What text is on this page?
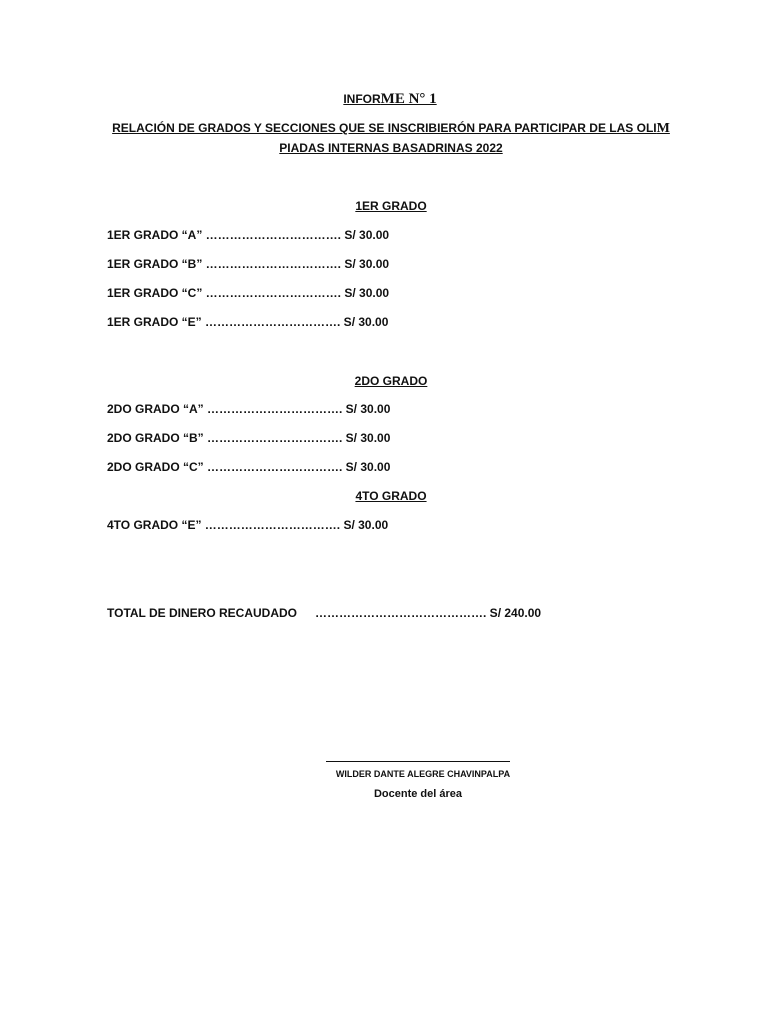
INFORME N° 1
RELACIÓN DE GRADOS Y SECCIONES QUE SE INSCRIBIERÓN PARA PARTICIPAR DE LAS OLIM
PIADAS INTERNAS BASADRINAS 2022
1ER GRADO
1ER GRADO “A” ……………………………. S/ 30.00
1ER GRADO “B” ……………………………. S/ 30.00
1ER GRADO “C” ……………………………. S/ 30.00
1ER GRADO “E” ……………………………. S/ 30.00
2DO GRADO
2DO GRADO “A” ……………………………. S/ 30.00
2DO GRADO “B” ……………………………. S/ 30.00
2DO GRADO “C” ……………………………. S/ 30.00
4TO GRADO
4TO GRADO “E” ……………………………. S/ 30.00
TOTAL DE DINERO RECAUDADO ……………………………………. S/ 240.00
WILDER DANTE ALEGRE CHAVINPALPA
Docente del área
